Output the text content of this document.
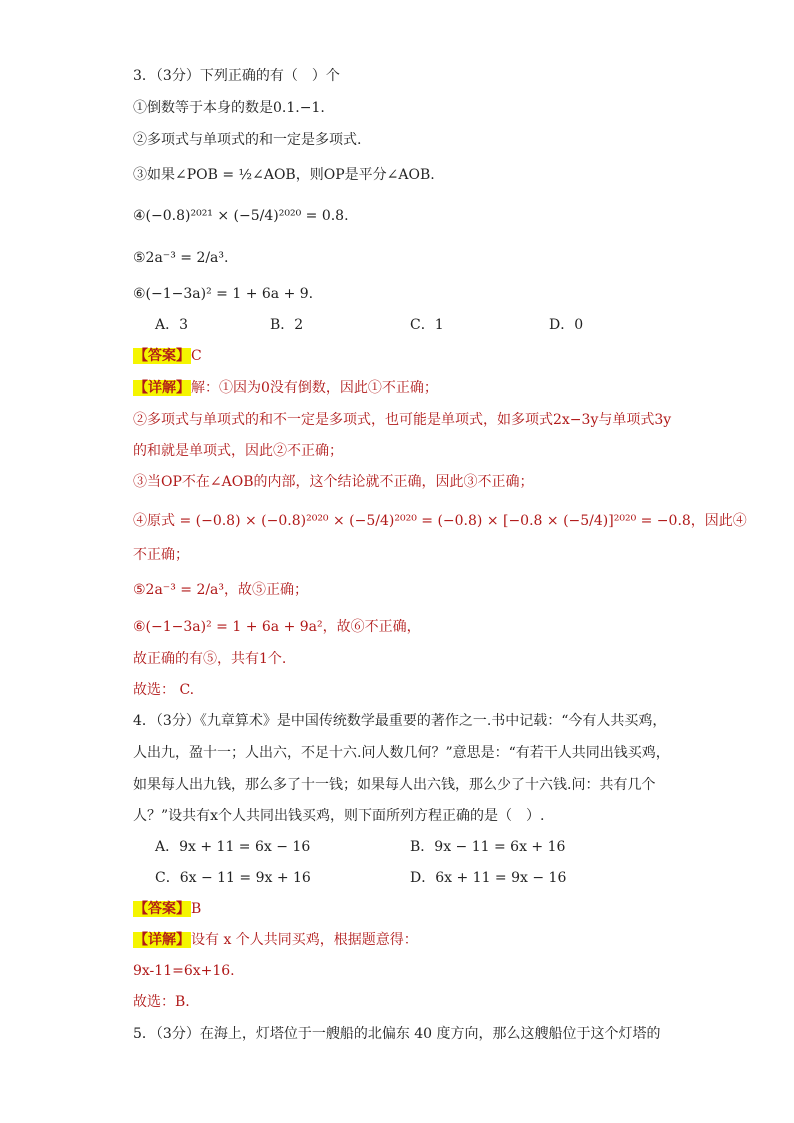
3．（3分）下列正确的有（　）个
①倒数等于本身的数是0.1.−1.
②多项式与单项式的和一定是多项式.
③如果∠POB = ½∠AOB，则OP是平分∠AOB.
④(−0.8)²⁰²¹ × (−5/4)²⁰²⁰ = 0.8.
⑤2a⁻³ = 2/a³.
⑥(−1−3a)² = 1 + 6a + 9.
A．3	B．2	C．1	D．0
【答案】C
【详解】解：①因为0没有倒数，因此①不正确；
②多项式与单项式的和不一定是多项式，也可能是单项式，如多项式2x−3y与单项式3y
的和就是单项式，因此②不正确；
③当OP不在∠AOB的内部，这个结论就不正确，因此③不正确；
④原式 = (−0.8) × (−0.8)²⁰²⁰ × (−5/4)²⁰²⁰ = (−0.8) × [−0.8 × (−5/4)]²⁰²⁰ = −0.8，因此④
不正确；
⑤2a⁻³ = 2/a³，故⑤正确；
⑥(−1−3a)² = 1 + 6a + 9a²，故⑥不正确，
故正确的有⑤，共有1个.
故选： C.
4．（3分）《九章算术》是中国传统数学最重要的著作之一.书中记载：“今有人共买鸡，
人出九，盈十一；人出六，不足十六.问人数几何？”意思是：“有若干人共同出钱买鸡，
如果每人出九钱，那么多了十一钱；如果每人出六钱，那么少了十六钱.问：共有几个
人？”设共有x个人共同出钱买鸡，则下面所列方程正确的是（　）.
A．9x + 11 = 6x − 16	B．9x − 11 = 6x + 16
C．6x − 11 = 9x + 16	D．6x + 11 = 9x − 16
【答案】B
【详解】设有 x 个人共同买鸡，根据题意得：
9x-11=6x+16.
故选：B.
5．（3分）在海上，灯塔位于一艘船的北偏东 40 度方向，那么这艘船位于这个灯塔的
